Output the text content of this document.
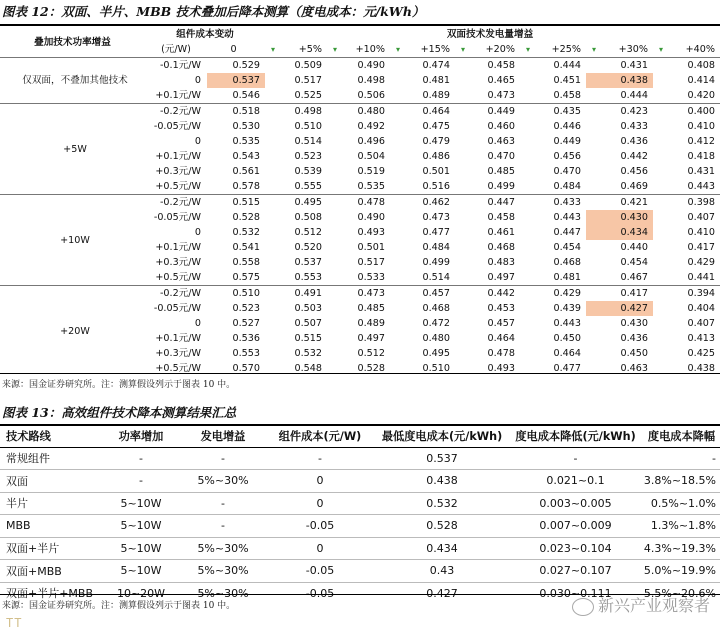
图表 12：双面、半片、MBB 技术叠加后降本测算（度电成本：元/kWh）
叠加技术功率增益	组件成本变动		双面技术发电量增益						
	(元/W)	0	▾ +5%	▾ +10%	▾ +15%	▾ +20%	▾ +25%	▾ +30%	▾ +40%
仅双面，不叠加其他技术	-0.1元/W	0.529	0.509	0.490	0.474	0.458	0.444	0.431	0.408
	0	0.537	0.517	0.498	0.481	0.465	0.451	0.438	0.414
	+0.1元/W	0.546	0.525	0.506	0.489	0.473	0.458	0.444	0.420
+5W	-0.2元/W	0.518	0.498	0.480	0.464	0.449	0.435	0.423	0.400
	-0.05元/W	0.530	0.510	0.492	0.475	0.460	0.446	0.433	0.410
	0	0.535	0.514	0.496	0.479	0.463	0.449	0.436	0.412
	+0.1元/W	0.543	0.523	0.504	0.486	0.470	0.456	0.442	0.418
	+0.3元/W	0.561	0.539	0.519	0.501	0.485	0.470	0.456	0.431
	+0.5元/W	0.578	0.555	0.535	0.516	0.499	0.484	0.469	0.443
+10W	-0.2元/W	0.515	0.495	0.478	0.462	0.447	0.433	0.421	0.398
	-0.05元/W	0.528	0.508	0.490	0.473	0.458	0.443	0.430	0.407
	0	0.532	0.512	0.493	0.477	0.461	0.447	0.434	0.410
	+0.1元/W	0.541	0.520	0.501	0.484	0.468	0.454	0.440	0.417
	+0.3元/W	0.558	0.537	0.517	0.499	0.483	0.468	0.454	0.429
	+0.5元/W	0.575	0.553	0.533	0.514	0.497	0.481	0.467	0.441
+20W	-0.2元/W	0.510	0.491	0.473	0.457	0.442	0.429	0.417	0.394
	-0.05元/W	0.523	0.503	0.485	0.468	0.453	0.439	0.427	0.404
	0	0.527	0.507	0.489	0.472	0.457	0.443	0.430	0.407
	+0.1元/W	0.536	0.515	0.497	0.480	0.464	0.450	0.436	0.413
	+0.3元/W	0.553	0.532	0.512	0.495	0.478	0.464	0.450	0.425
	+0.5元/W	0.570	0.548	0.528	0.510	0.493	0.477	0.463	0.438
来源：国金证券研究所。注：测算假设列示于图表 10 中。
图表 13：高效组件技术降本测算结果汇总
技术路线	功率增加	发电增益	组件成本(元/W)	最低度电成本(元/kWh)	度电成本降低(元/kWh)	度电成本降幅
常规组件	-	-	-	0.537	-	-
双面	-	5%~30%	0	0.438	0.021~0.1	3.8%~18.5%
半片	5~10W	-	0	0.532	0.003~0.005	0.5%~1.0%
MBB	5~10W	-	-0.05	0.528	0.007~0.009	1.3%~1.8%
双面+半片	5~10W	5%~30%	0	0.434	0.023~0.104	4.3%~19.3%
双面+MBB	5~10W	5%~30%	-0.05	0.43	0.027~0.107	5.0%~19.9%
双面+半片+MBB	10~20W	5%~30%	-0.05	0.427	0.030~0.111	5.5%~20.6%
来源：国金证券研究所。注：测算假设列示于图表 10 中。	新兴产业观察者
TT
